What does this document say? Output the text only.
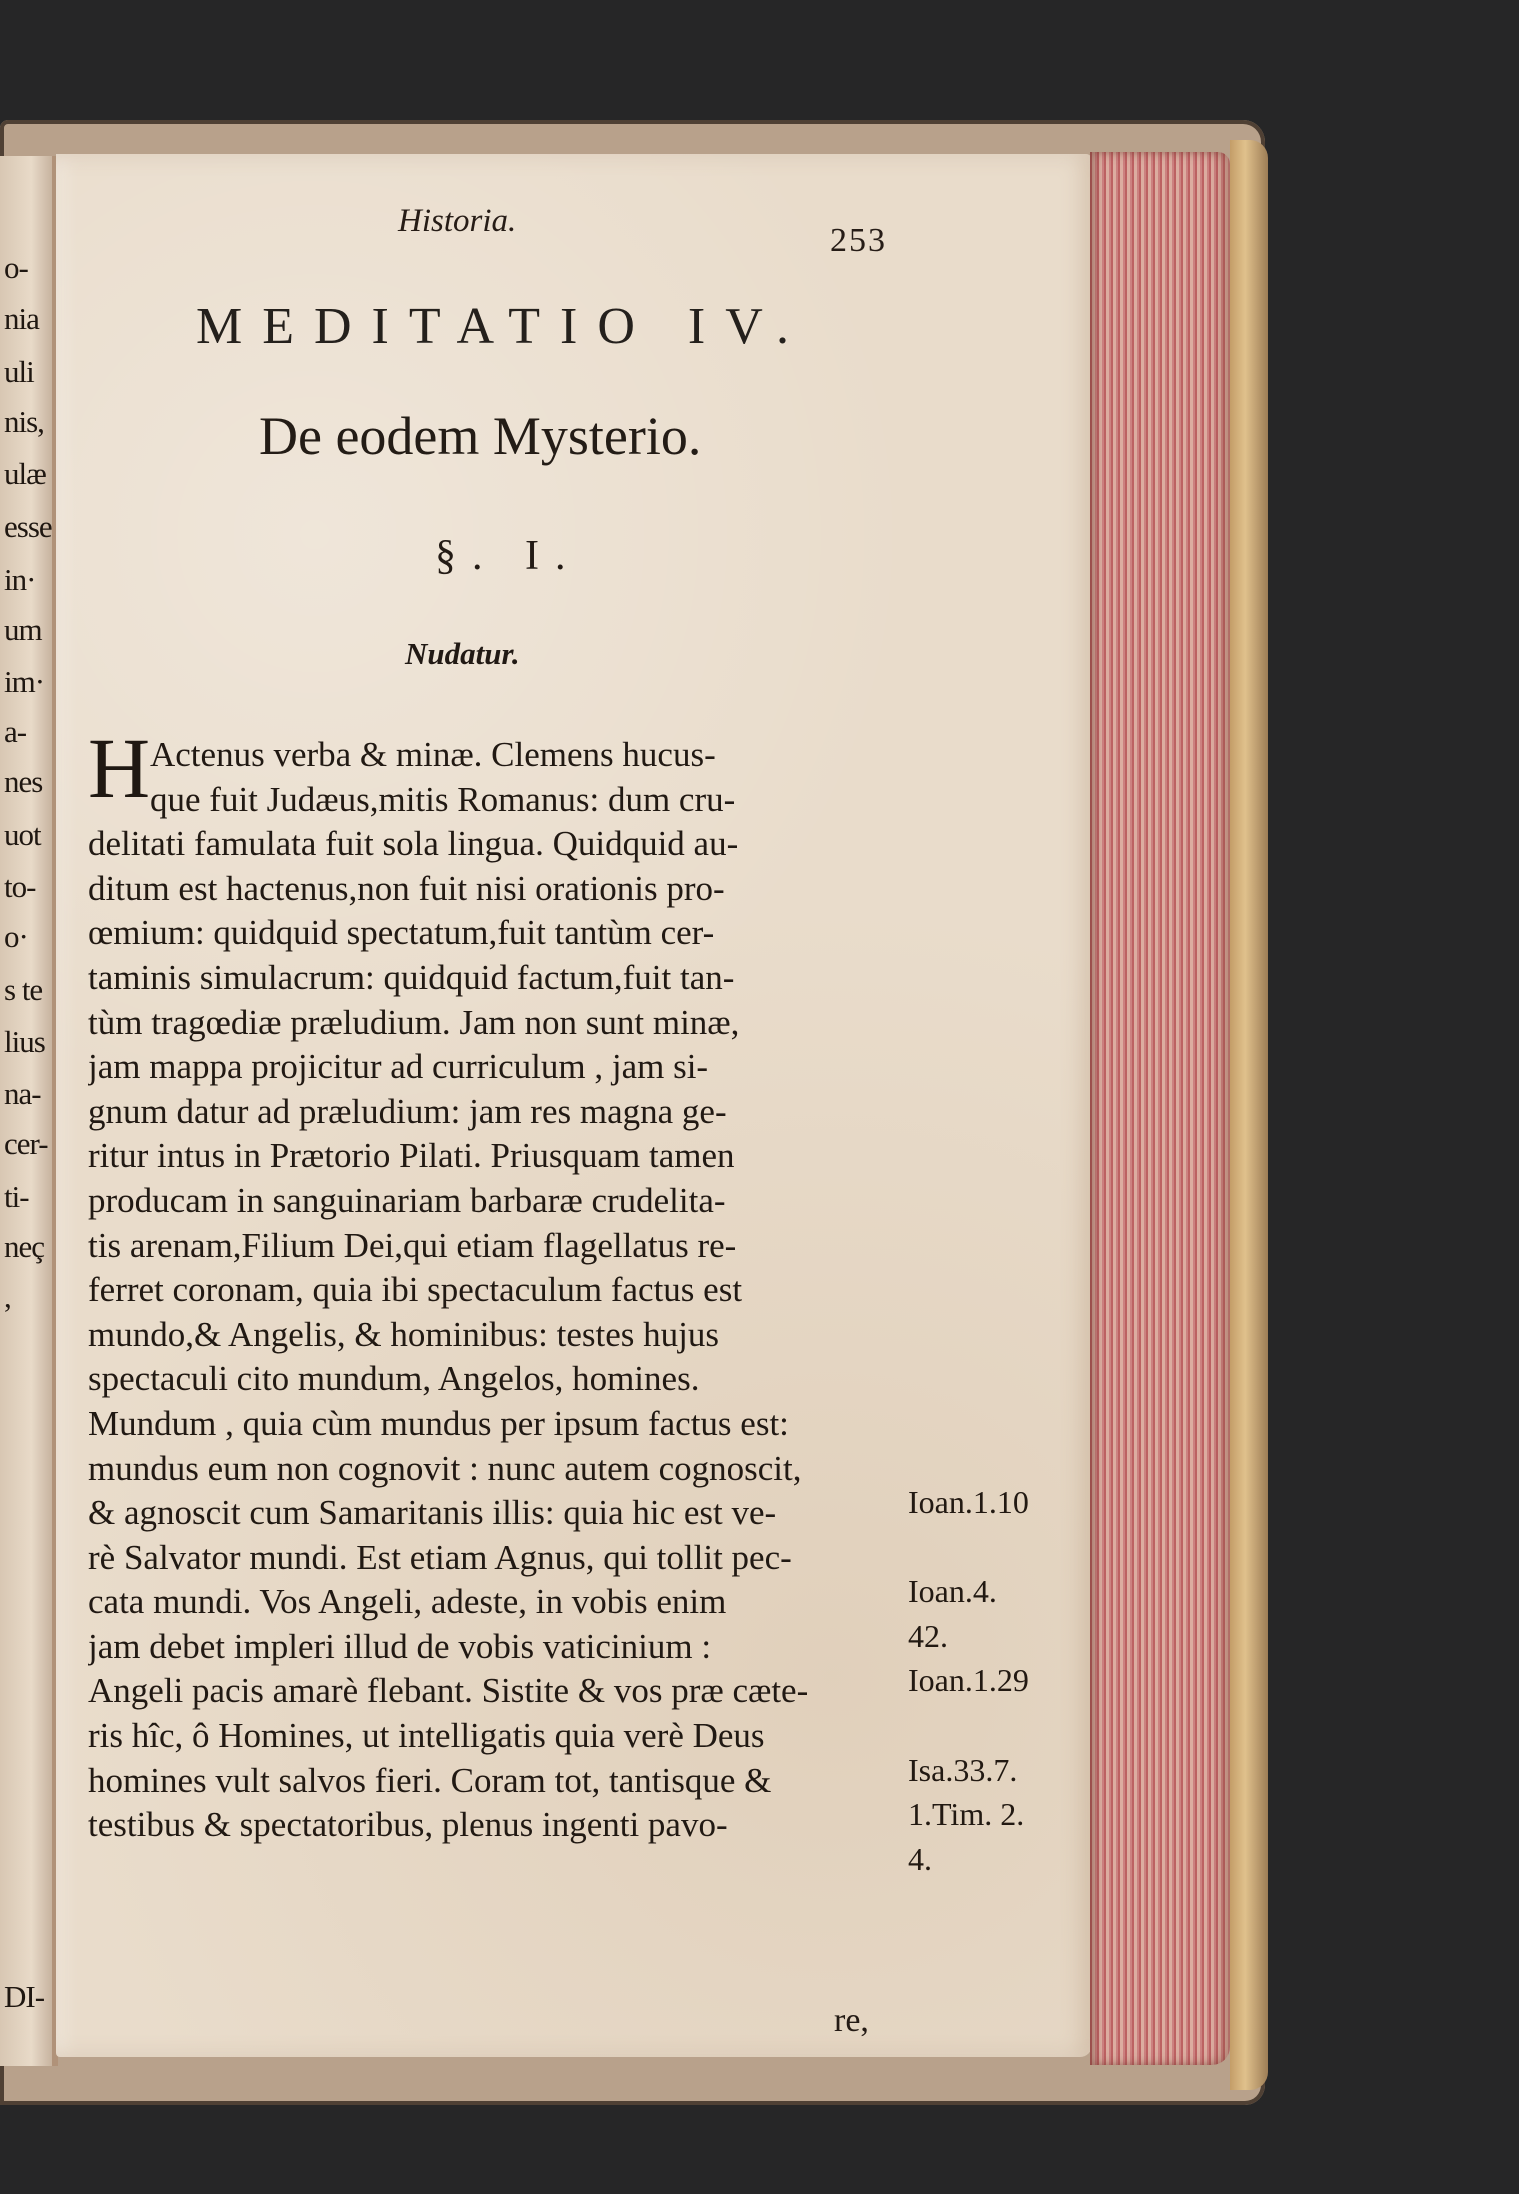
o-
nia
uli
nis,
ulæ
esse
in·
um
im·
a-
nes
uot
to-
o·
s te
lius
na-
cer-
ti-
neç
,
DI-
Historia.
253
MEDITATIO IV.
De eodem Mysterio.
§. I.
Nudatur.
H Actenus verba & minæ. Clemens hucus-
que fuit Judæus,mitis Romanus: dum cru-
delitati famulata fuit sola lingua. Quidquid au-
ditum est hactenus,non fuit nisi orationis pro-
œmium: quidquid spectatum,fuit tantùm cer-
taminis simulacrum: quidquid factum,fuit tan-
tùm tragœdiæ præludium. Jam non sunt minæ,
jam mappa projicitur ad curriculum , jam si-
gnum datur ad præludium: jam res magna ge-
ritur intus in Prætorio Pilati. Priusquam tamen
producam in sanguinariam barbaræ crudelita-
tis arenam,Filium Dei,qui etiam flagellatus re-
ferret coronam, quia ibi spectaculum factus est
mundo,& Angelis, & hominibus: testes hujus
spectaculi cito mundum, Angelos, homines.
Mundum , quia cùm mundus per ipsum factus est:
mundus eum non cognovit : nunc autem cognoscit,
& agnoscit cum Samaritanis illis: quia hic est ve-
rè Salvator mundi. Est etiam Agnus, qui tollit pec-
cata mundi. Vos Angeli, adeste, in vobis enim
jam debet impleri illud de vobis vaticinium :
Angeli pacis amarè flebant. Sistite & vos præ cæte-
ris hîc, ô Homines, ut intelligatis quia verè Deus
homines vult salvos fieri. Coram tot, tantisque &
testibus & spectatoribus, plenus ingenti pavo-
Ioan.1.10
Ioan.4.
42.
Ioan.1.29
Isa.33.7.
1.Tim. 2.
4.
re,
